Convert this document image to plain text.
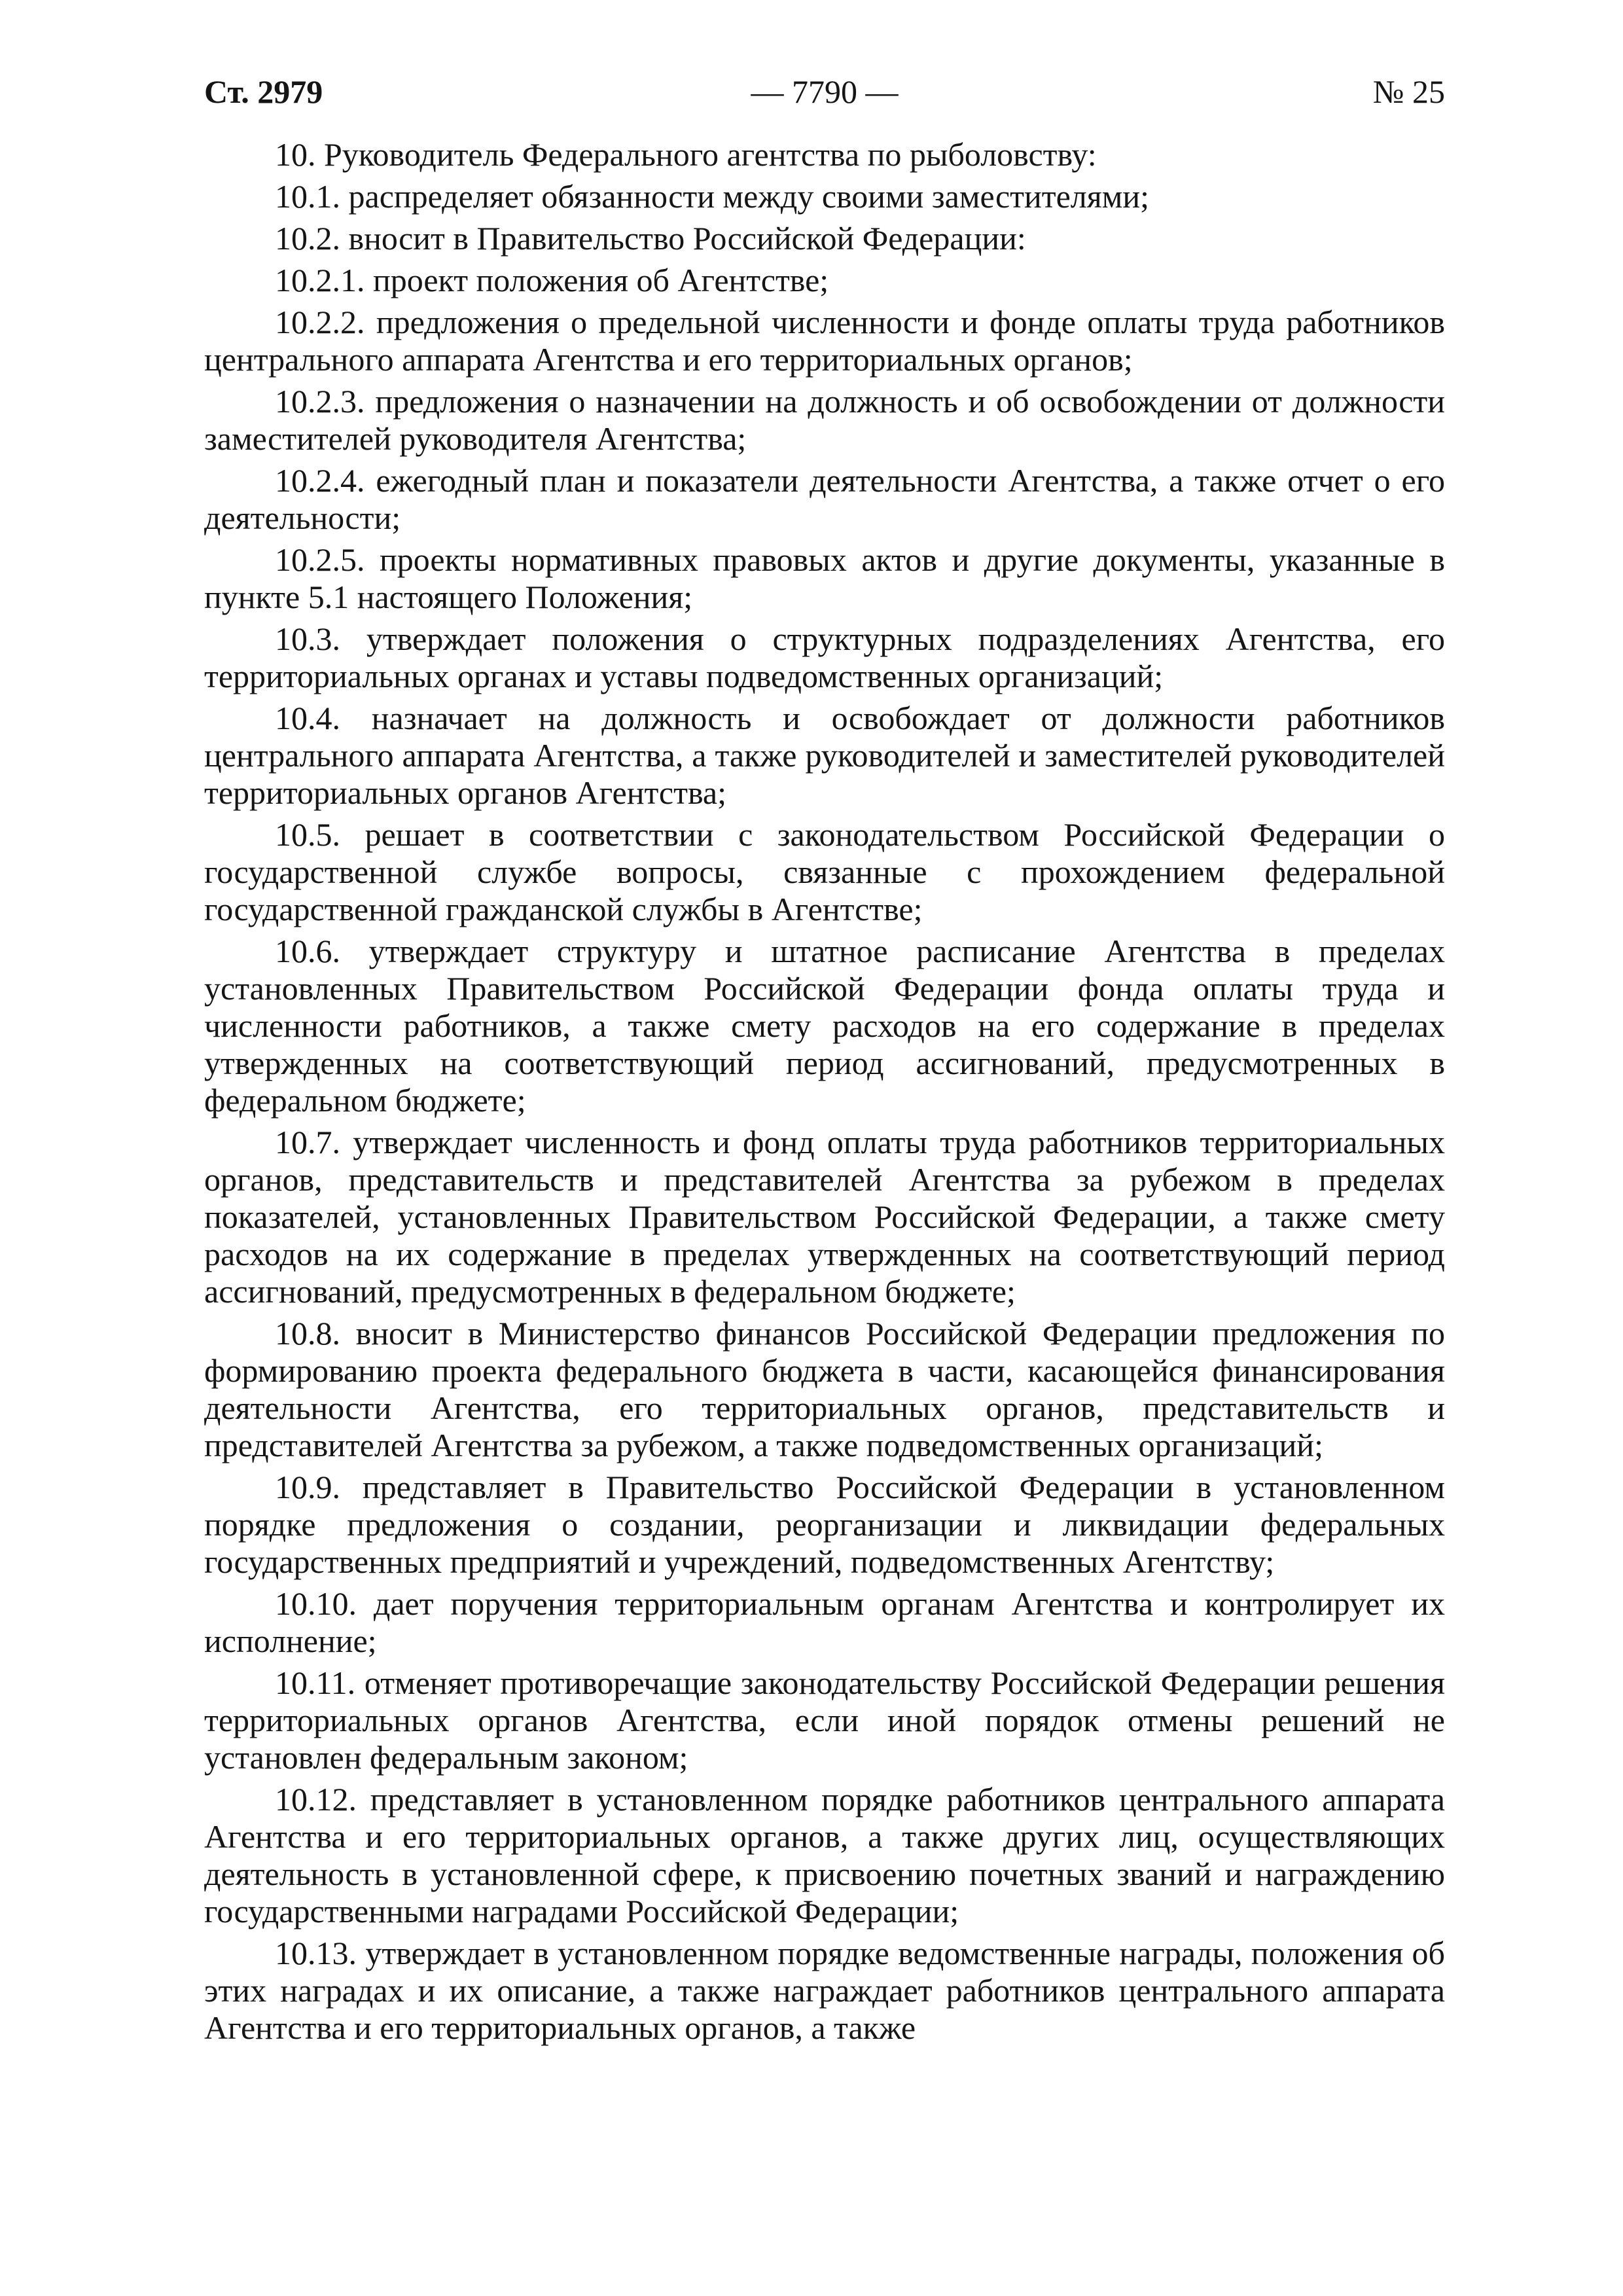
Ст. 2979	— 7790 —	№ 25

10. Руководитель Федерального агентства по рыболовству:

10.1. распределяет обязанности между своими заместителями;

10.2. вносит в Правительство Российской Федерации:

10.2.1. проект положения об Агентстве;

10.2.2. предложения о предельной численности и фонде оплаты труда работников центрального аппарата Агентства и его территориальных органов;

10.2.3. предложения о назначении на должность и об освобождении от должности заместителей руководителя Агентства;

10.2.4. ежегодный план и показатели деятельности Агентства, а также отчет о его деятельности;

10.2.5. проекты нормативных правовых актов и другие документы, указанные в пункте 5.1 настоящего Положения;

10.3. утверждает положения о структурных подразделениях Агентства, его территориальных органах и уставы подведомственных организаций;

10.4. назначает на должность и освобождает от должности работников центрального аппарата Агентства, а также руководителей и заместителей руководителей территориальных органов Агентства;

10.5. решает в соответствии с законодательством Российской Федерации о государственной службе вопросы, связанные с прохождением федеральной государственной гражданской службы в Агентстве;

10.6. утверждает структуру и штатное расписание Агентства в пределах установленных Правительством Российской Федерации фонда оплаты труда и численности работников, а также смету расходов на его содержание в пределах утвержденных на соответствующий период ассигнований, предусмотренных в федеральном бюджете;

10.7. утверждает численность и фонд оплаты труда работников территориальных органов, представительств и представителей Агентства за рубежом в пределах показателей, установленных Правительством Российской Федерации, а также смету расходов на их содержание в пределах утвержденных на соответствующий период ассигнований, предусмотренных в федеральном бюджете;

10.8. вносит в Министерство финансов Российской Федерации предложения по формированию проекта федерального бюджета в части, касающейся финансирования деятельности Агентства, его территориальных органов, представительств и представителей Агентства за рубежом, а также подведомственных организаций;

10.9. представляет в Правительство Российской Федерации в установленном порядке предложения о создании, реорганизации и ликвидации федеральных государственных предприятий и учреждений, подведомственных Агентству;

10.10. дает поручения территориальным органам Агентства и контролирует их исполнение;

10.11. отменяет противоречащие законодательству Российской Федерации решения территориальных органов Агентства, если иной порядок отмены решений не установлен федеральным законом;

10.12. представляет в установленном порядке работников центрального аппарата Агентства и его территориальных органов, а также других лиц, осуществляющих деятельность в установленной сфере, к присвоению почетных званий и награждению государственными наградами Российской Федерации;

10.13. утверждает в установленном порядке ведомственные награды, положения об этих наградах и их описание, а также награждает работников центрального аппарата Агентства и его территориальных органов, а также
